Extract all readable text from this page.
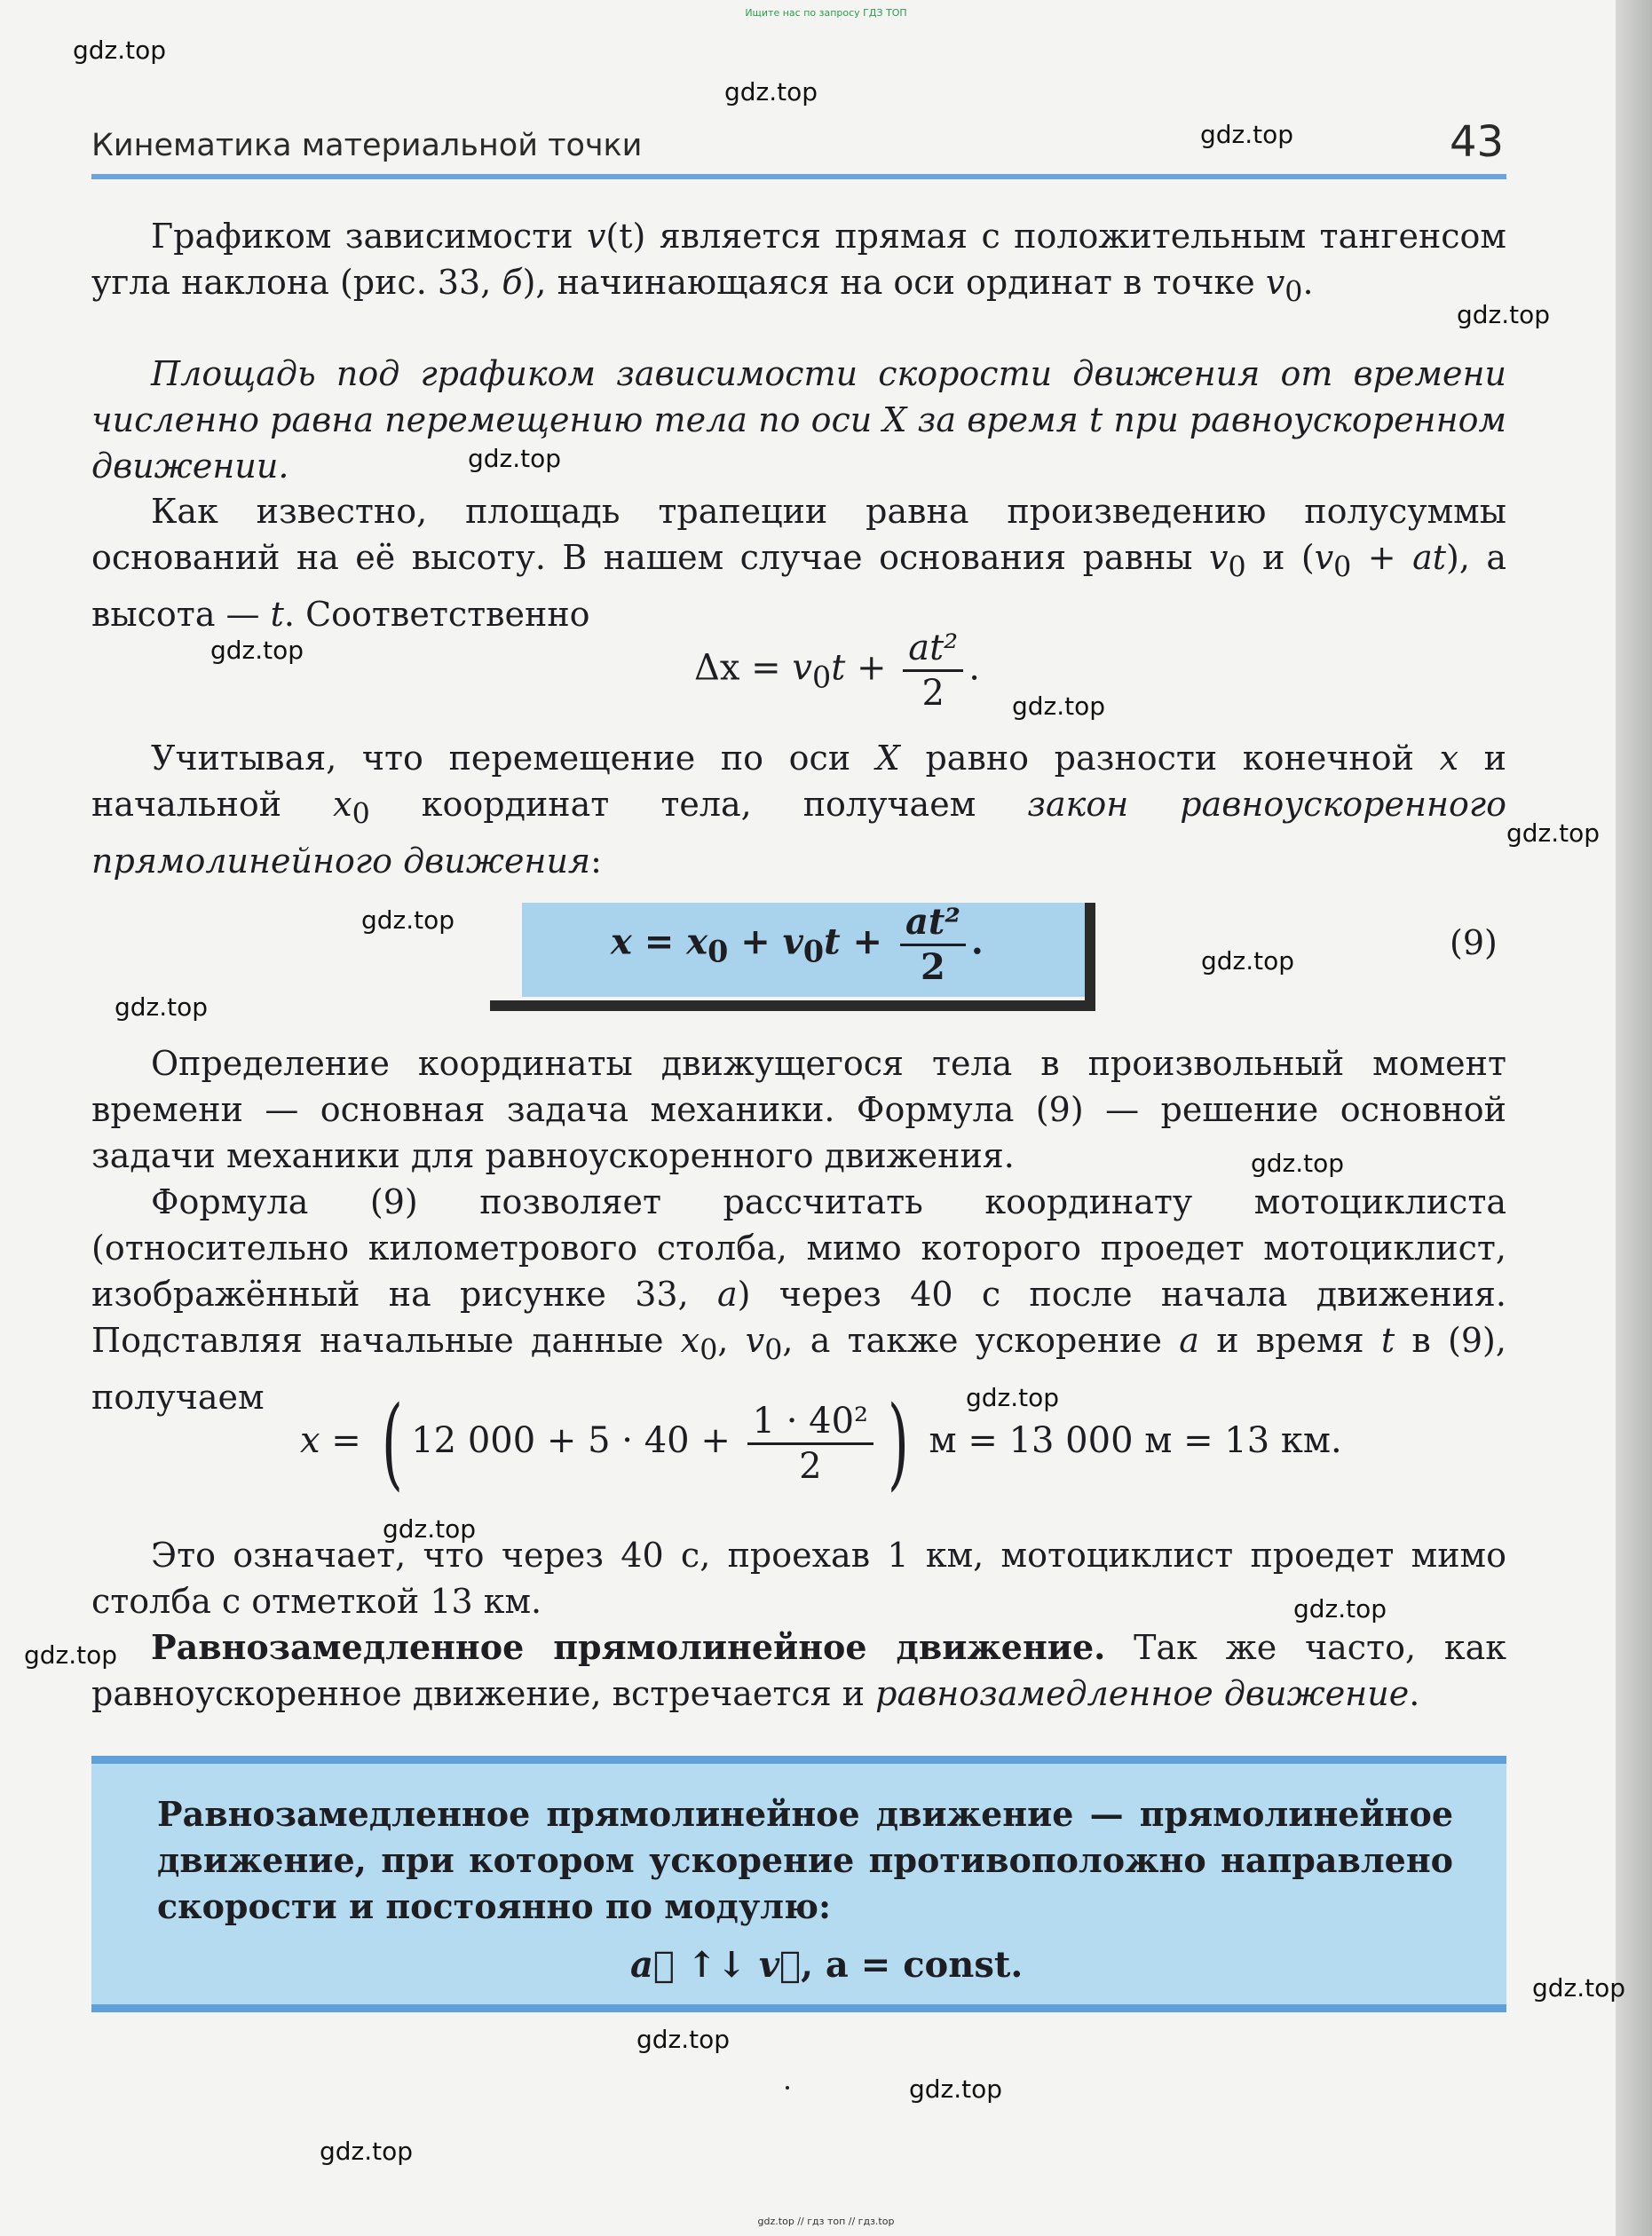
Ищите нас по запросу ГДЗ ТОП
Кинематика материальной точки	43
gdz.top
gdz.top
gdz.top
gdz.top
gdz.top
gdz.top
gdz.top
gdz.top
gdz.top
gdz.top
gdz.top
gdz.top
gdz.top
gdz.top
gdz.top
gdz.top
gdz.top
gdz.top
gdz.top
gdz.top

Графиком зависимости v(t) является прямая с положительным тангенсом угла наклона (рис. 33, б), начинающаяся на оси ординат в точке $v_0$.

Площадь под графиком зависимости скорости движения от времени численно равна перемещению тела по оси X за время t при равноускоренном движении.

Как известно, площадь трапеции равна произведению полусуммы оснований на её высоту. В нашем случае основания равны $v_0$ и $(v_0 + at)$, а высота — t. Соответственно

$\Delta x = v_0t + \frac{\text{at²}}{2}$ .

Учитывая, что перемещение по оси X равно разности конечной x и начальной $x_0$ координат тела, получаем закон равноускоренного прямолинейного движения:

$x = x_0 + v_0t + \frac{\text{at²}}{2}$ .	(9)

Определение координаты движущегося тела в произвольный момент времени — основная задача механики. Формула (9) — решение основной задачи механики для равноускоренного движения.

Формула (9) позволяет рассчитать координату мотоциклиста (относительно километрового столба, мимо которого проедет мотоциклист, изображённый на рисунке 33, а) через 40 с после начала движения. Подставляя начальные данные $x_0$, $v_0$, а также ускорение a и время t в (9), получаем

x = ( 12 $000 + 5 \cdot 40 + \frac{\text{1 · 40²}}{2}$ ) м = 13 000 м = 13 км.

Это означает, что через 40 с, проехав 1 км, мотоциклист проедет мимо столба с отметкой 13 км.

Равнозамедленное прямолинейное движение. Так же часто, как равноускоренное движение, встречается и равнозамедленное движение.

Равнозамедленное прямолинейное движение — прямолинейное движение, при котором ускорение противоположно направлено скорости и постоянно по модулю:

a⃗ ↑↓ v⃗, a = const.
gdz.top // гдз топ // гдз.top
